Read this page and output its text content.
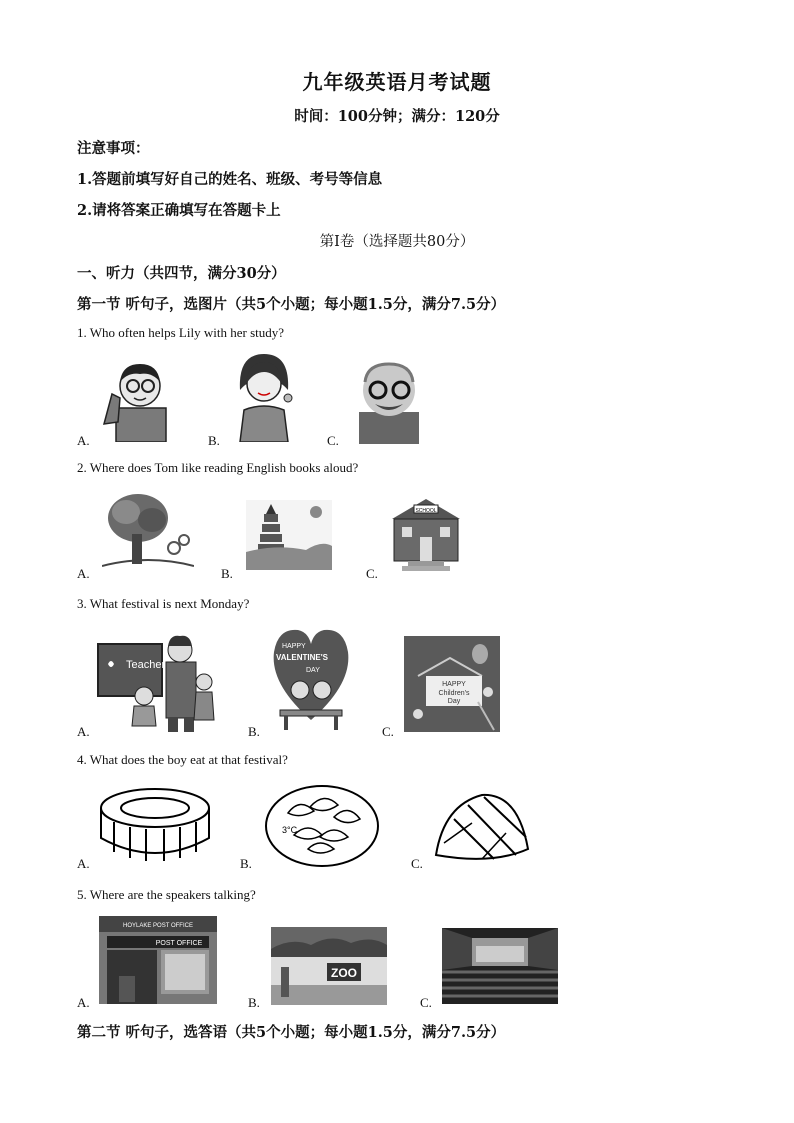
九年级英语月考试题
时间：100分钟；满分：120分
注意事项：
1.答题前填写好自己的姓名、班级、考号等信息
2.请将答案正确填写在答题卡上
第Ⅰ卷（选择题共80分）
一、听力（共四节，满分30分）
第一节 听句子，选图片（共5个小题；每小题1.5分，满分7.5分）
1. Who often helps Lily with her study?
A.	B.	C.
2. Where does Tom like reading English books aloud?
A.	B.	C.
SCHOOL
3. What festival is next Monday?
A.	B.	C.
Teacher
HAPPY
VALENTINE'S
DAY
HAPPY
Children's
Day
4. What does the boy eat at that festival?
A.	B.	C.
3°C
5. Where are the speakers talking?
A.	B.	C.
HOYLAKE POST OFFICE
POST OFFICE
ZOO
第二节 听句子，选答语（共5个小题；每小题1.5分，满分7.5分）
